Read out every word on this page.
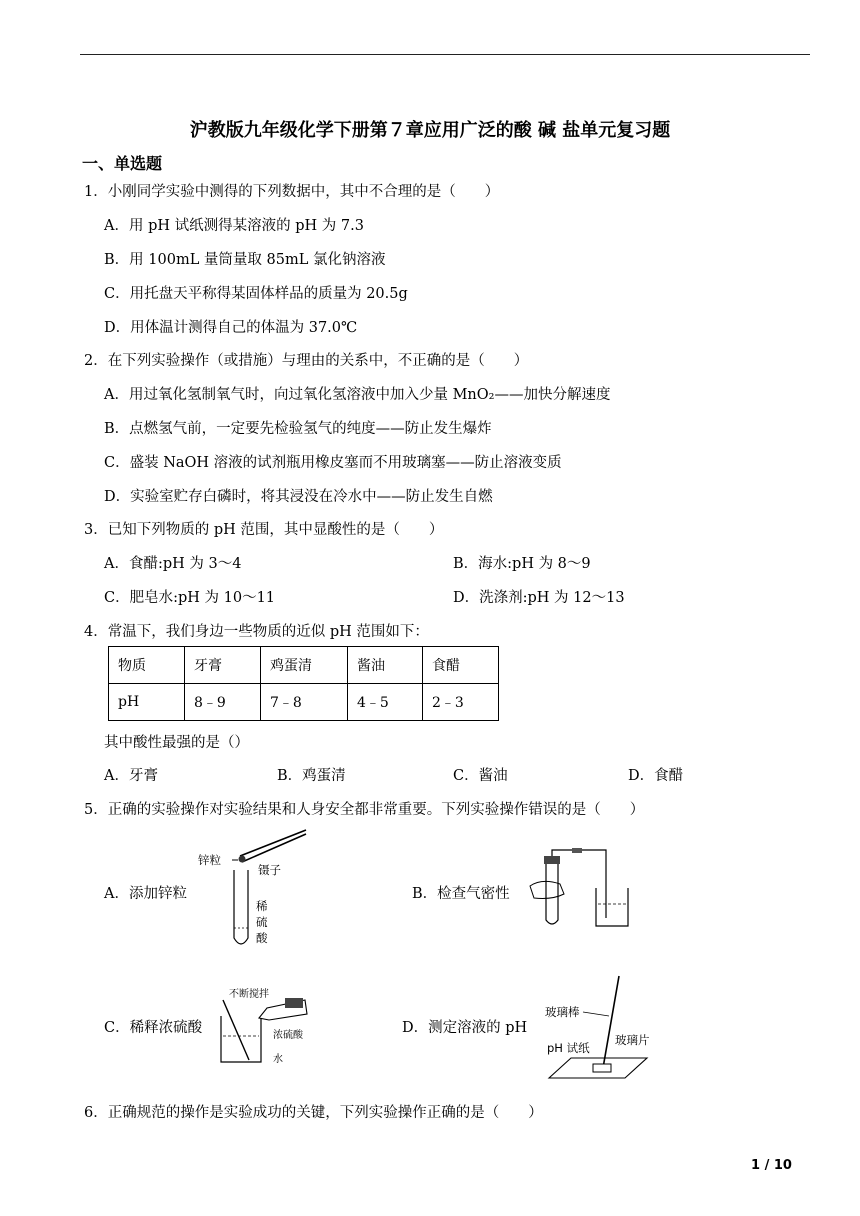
沪教版九年级化学下册第７章应用广泛的酸 碱 盐单元复习题
一、单选题
1．小刚同学实验中测得的下列数据中，其中不合理的是（　　）
A．用 pH 试纸测得某溶液的 pH 为 7.3
B．用 100mL 量筒量取 85mL 氯化钠溶液
C．用托盘天平称得某固体样品的质量为 20.5g
D．用体温计测得自己的体温为 37.0℃
2．在下列实验操作（或措施）与理由的关系中，不正确的是（　　）
A．用过氧化氢制氧气时，向过氧化氢溶液中加入少量 MnO₂——加快分解速度
B．点燃氢气前，一定要先检验氢气的纯度——防止发生爆炸
C．盛装 NaOH 溶液的试剂瓶用橡皮塞而不用玻璃塞——防止溶液变质
D．实验室贮存白磷时，将其浸没在冷水中——防止发生自燃
3．已知下列物质的 pH 范围，其中显酸性的是（　　）
A．食醋:pH 为 3～4	B．海水:pH 为 8～9
C．肥皂水:pH 为 10～11	D．洗涤剂:pH 为 12～13
4．常温下，我们身边一些物质的近似 pH 范围如下：
物质	牙膏	鸡蛋清	酱油	食醋
pH	8﹣9	7﹣8	4﹣5	2﹣3
其中酸性最强的是（）
A．牙膏	B．鸡蛋清	C．酱油	D．食醋
5．正确的实验操作对实验结果和人身安全都非常重要。下列实验操作错误的是（　　）
A．添加锌粒	B．检查气密性
C．稀释浓硫酸	D．测定溶液的 pH
锌粒
镊子
稀
硫
酸
不断搅拌
浓硫酸
水
玻璃棒
pH 试纸
玻璃片
6．正确规范的操作是实验成功的关键，下列实验操作正确的是（　　）
1 / 10
